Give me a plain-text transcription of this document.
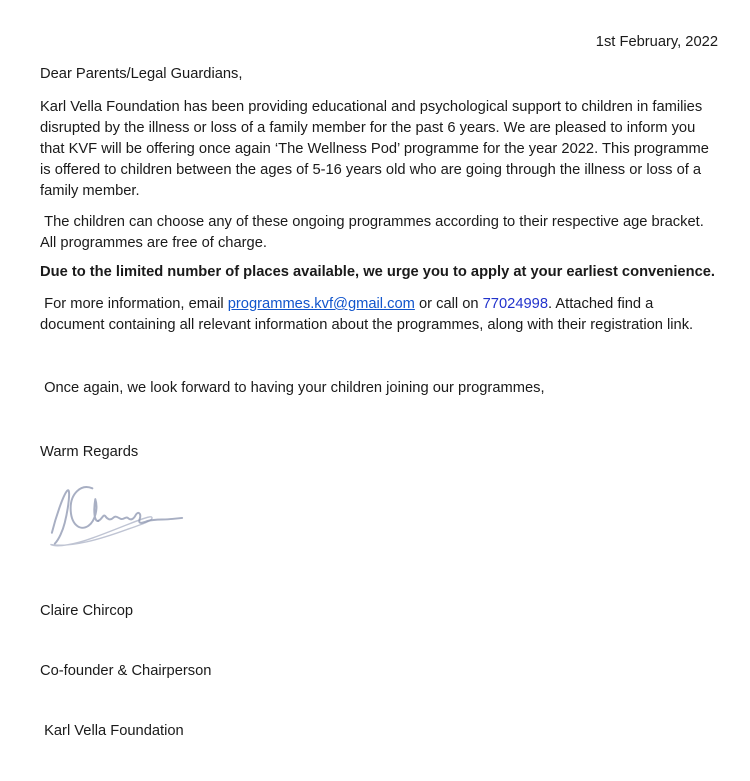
1st February, 2022
Dear Parents/Legal Guardians,
Karl Vella Foundation has been providing educational and psychological support to children in families disrupted by the illness or loss of a family member for the past 6 years. We are pleased to inform you that KVF will be offering once again ‘The Wellness Pod’ programme for the year 2022. This programme is offered to children between the ages of 5-16 years old who are going through the illness or loss of a family member.
The children can choose any of these ongoing programmes according to their respective age bracket.  All programmes are free of charge.
Due to the limited number of places available, we urge you to apply at your earliest convenience.
For more information, email programmes.kvf@gmail.com or call on 77024998. Attached find a document containing all relevant information about the programmes, along with their registration link.
Once again, we look forward to having your children joining our programmes,
Warm Regards

Claire Chircop

Co-founder & Chairperson

Karl Vella Foundation
